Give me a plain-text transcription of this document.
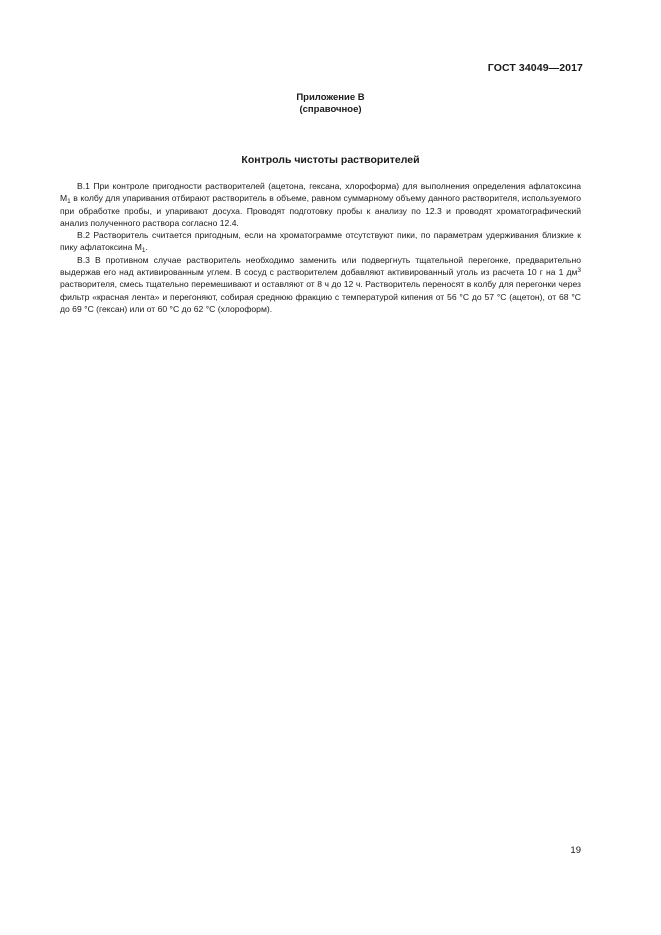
ГОСТ 34049—2017
Приложение В
(справочное)
Контроль чистоты растворителей

В.1 При контроле пригодности растворителей (ацетона, гексана, хлороформа) для выполнения определения афлатоксина $М_1$ в колбу для упаривания отбирают растворитель в объеме, равном суммарному объему данного растворителя, используемого при обработке пробы, и упаривают досуха. Проводят подготовку пробы к анализу по 12.3 и проводят хроматографический анализ полученного раствора согласно 12.4.

В.2 Растворитель считается пригодным, если на хроматограмме отсутствуют пики, по параметрам удерживания близкие к пику афлатоксина $М_1$.

В.3 В противном случае растворитель необходимо заменить или подвергнуть тщательной перегонке, предварительно выдержав его над активированным углем. В сосуд с растворителем добавляют активированный уголь из расчета 10 г на 1 $дм^3$ растворителя, смесь тщательно перемешивают и оставляют от 8 ч до 12 ч. Растворитель переносят в колбу для перегонки через фильтр «красная лента» и перегоняют, собирая среднюю фракцию с температурой кипения от 56 °С до 57 °С (ацетон), от 68 °С до 69 °С (гексан) или от 60 °С до 62 °С (хлороформ).

19
